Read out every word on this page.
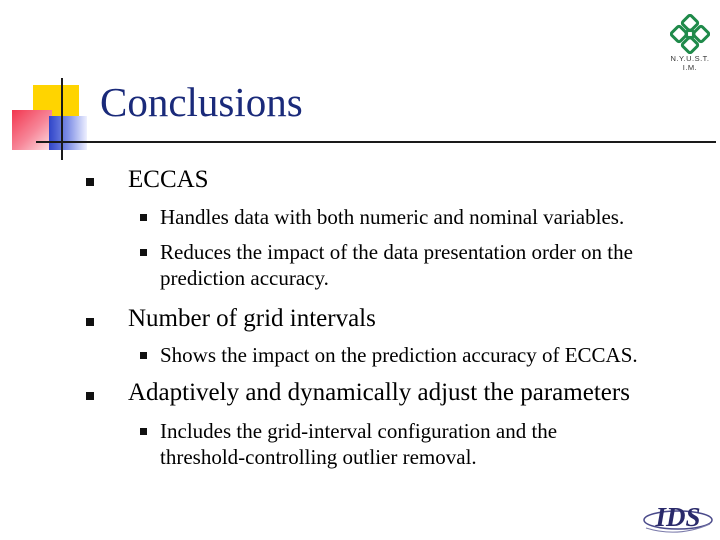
Conclusions
N.Y.U.S.T.
I.M.
ECCAS
Handles data with both numeric and nominal variables.
Reduces the impact of the data presentation order on the prediction accuracy.
Number of grid intervals
Shows the impact on the prediction accuracy of ECCAS.
Adaptively and dynamically adjust the parameters
Includes the grid-interval configuration and the threshold-controlling outlier removal.
IDS
